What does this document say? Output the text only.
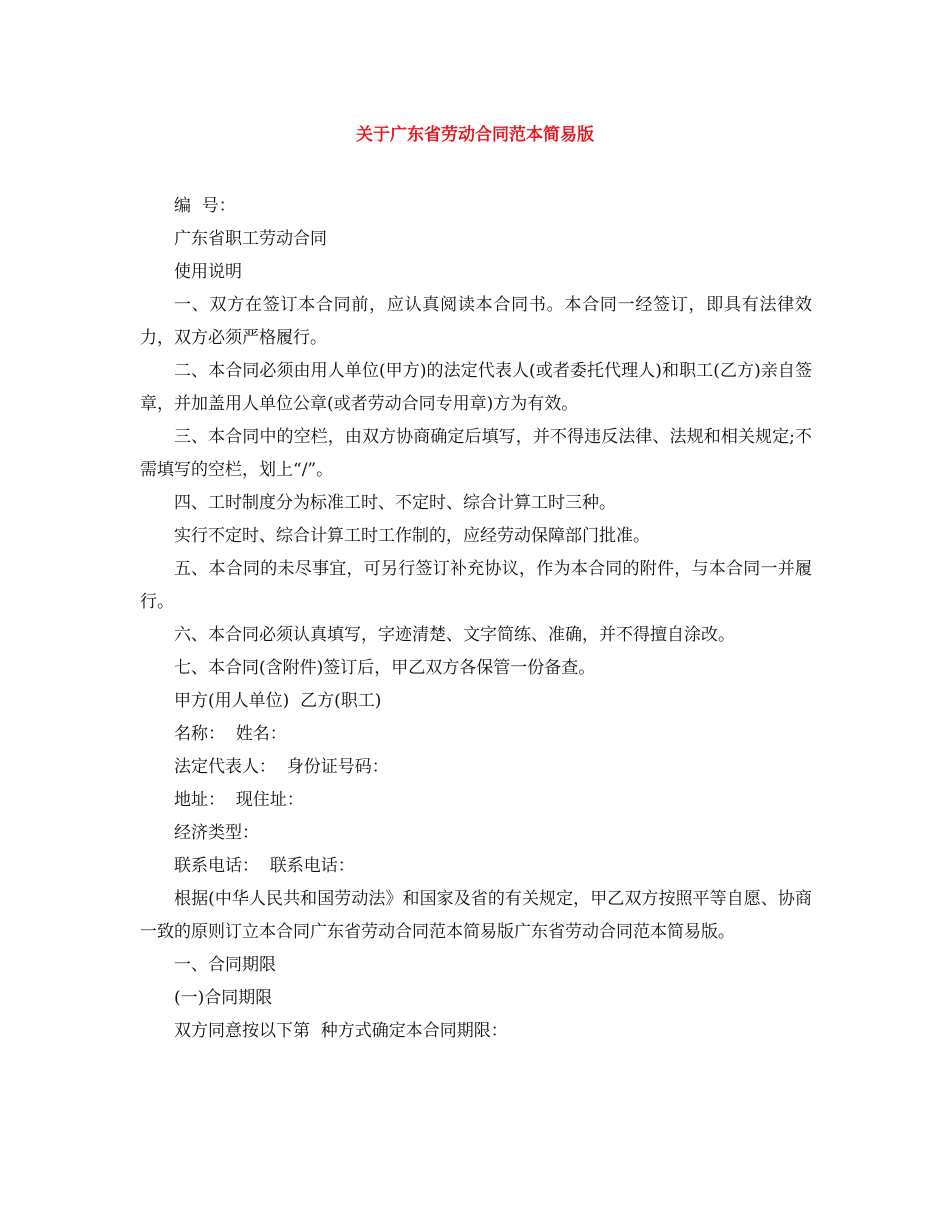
关于广东省劳动合同范本简易版

编  号：

广东省职工劳动合同

使用说明

一、双方在签订本合同前，应认真阅读本合同书。本合同一经签订，即具有法律效力，双方必须严格履行。

二、本合同必须由用人单位(甲方)的法定代表人(或者委托代理人)和职工(乙方)亲自签章，并加盖用人单位公章(或者劳动合同专用章)方为有效。

三、本合同中的空栏，由双方协商确定后填写，并不得违反法律、法规和相关规定;不需填写的空栏，划上“/”。

四、工时制度分为标准工时、不定时、综合计算工时三种。

实行不定时、综合计算工时工作制的，应经劳动保障部门批准。

五、本合同的未尽事宜，可另行签订补充协议，作为本合同的附件，与本合同一并履行。

六、本合同必须认真填写，字迹清楚、文字简练、准确，并不得擅自涂改。

七、本合同(含附件)签订后，甲乙双方各保管一份备查。

甲方(用人单位)  乙方(职工)

名称：  姓名：

法定代表人：  身份证号码：

地址：  现住址：

经济类型：

联系电话：  联系电话：

根据(中华人民共和国劳动法》和国家及省的有关规定，甲乙双方按照平等自愿、协商一致的原则订立本合同广东省劳动合同范本简易版广东省劳动合同范本简易版。

一、合同期限

(一)合同期限

双方同意按以下第  种方式确定本合同期限：
